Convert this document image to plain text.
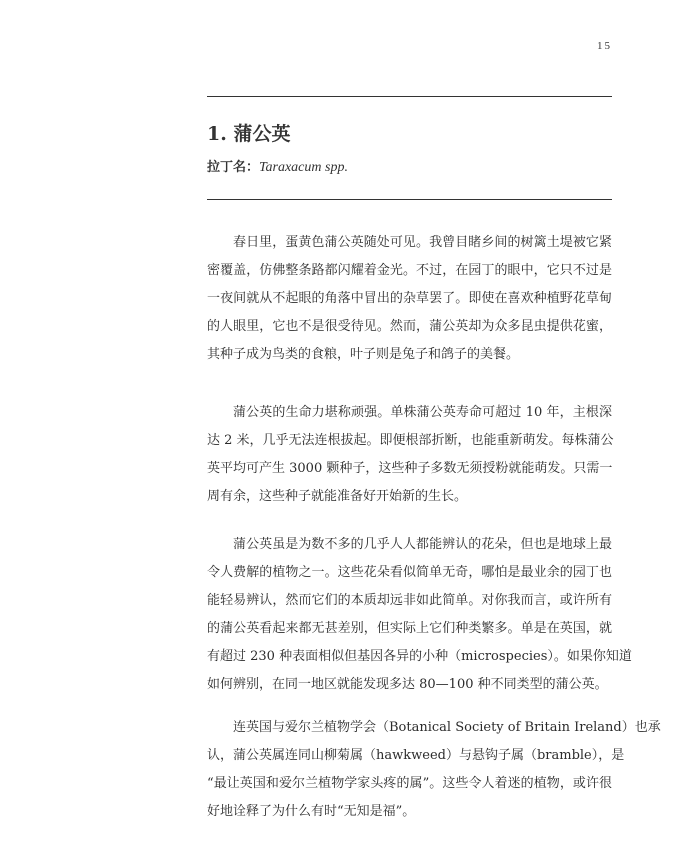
15
1. 蒲公英
拉丁名：Taraxacum spp.
春日里，蛋黄色蒲公英随处可见。我曾目睹乡间的树篱土堤被它紧
密覆盖，仿佛整条路都闪耀着金光。不过，在园丁的眼中，它只不过是
一夜间就从不起眼的角落中冒出的杂草罢了。即使在喜欢种植野花草甸
的人眼里，它也不是很受待见。然而，蒲公英却为众多昆虫提供花蜜，
其种子成为鸟类的食粮，叶子则是兔子和鸽子的美餐。
蒲公英的生命力堪称顽强。单株蒲公英寿命可超过 10 年，主根深
达 2 米，几乎无法连根拔起。即便根部折断，也能重新萌发。每株蒲公
英平均可产生 3000 颗种子，这些种子多数无须授粉就能萌发。只需一
周有余，这些种子就能准备好开始新的生长。
蒲公英虽是为数不多的几乎人人都能辨认的花朵，但也是地球上最
令人费解的植物之一。这些花朵看似简单无奇，哪怕是最业余的园丁也
能轻易辨认，然而它们的本质却远非如此简单。对你我而言，或许所有
的蒲公英看起来都无甚差别，但实际上它们种类繁多。单是在英国，就
有超过 230 种表面相似但基因各异的小种（microspecies）。如果你知道
如何辨别，在同一地区就能发现多达 80—100 种不同类型的蒲公英。
连英国与爱尔兰植物学会（Botanical Society of Britain Ireland）也承
认，蒲公英属连同山柳菊属（hawkweed）与悬钩子属（bramble），是
“最让英国和爱尔兰植物学家头疼的属”。这些令人着迷的植物，或许很
好地诠释了为什么有时“无知是福”。
